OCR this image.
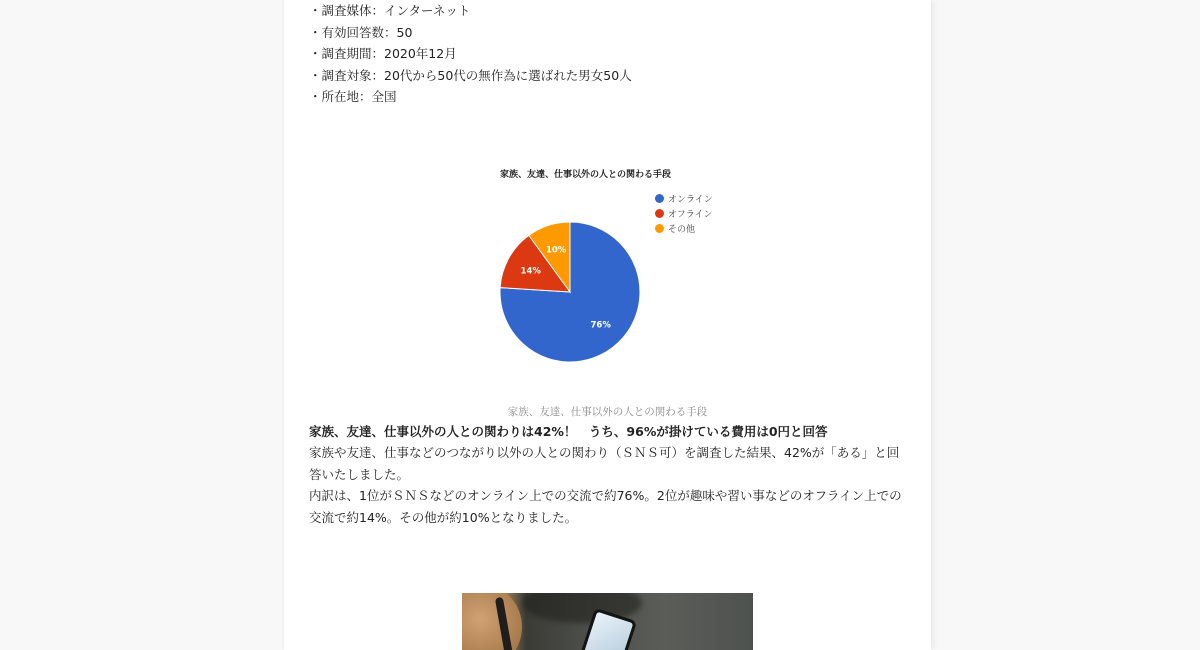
・調査媒体：インターネット
・有効回答数：50
・調査期間：2020年12月
・調査対象：20代から50代の無作為に選ばれた男女50人
・所在地：全国
76%
14%
10%
家族、友達、仕事以外の人との関わる手段
オンライン
オフライン
その他
家族、友達、仕事以外の人との関わる手段
家族、友達、仕事以外の人との関わりは42%！　うち、96%が掛けている費用は0円と回答

家族や友達、仕事などのつながり以外の人との関わり（ＳＮＳ可）を調査した結果、42%が「ある」と回答いたしました。

内訳は、1位がＳＮＳなどのオンライン上での交流で約76%。2位が趣味や習い事などのオフライン上での交流で約14%。その他が約10%となりました。
